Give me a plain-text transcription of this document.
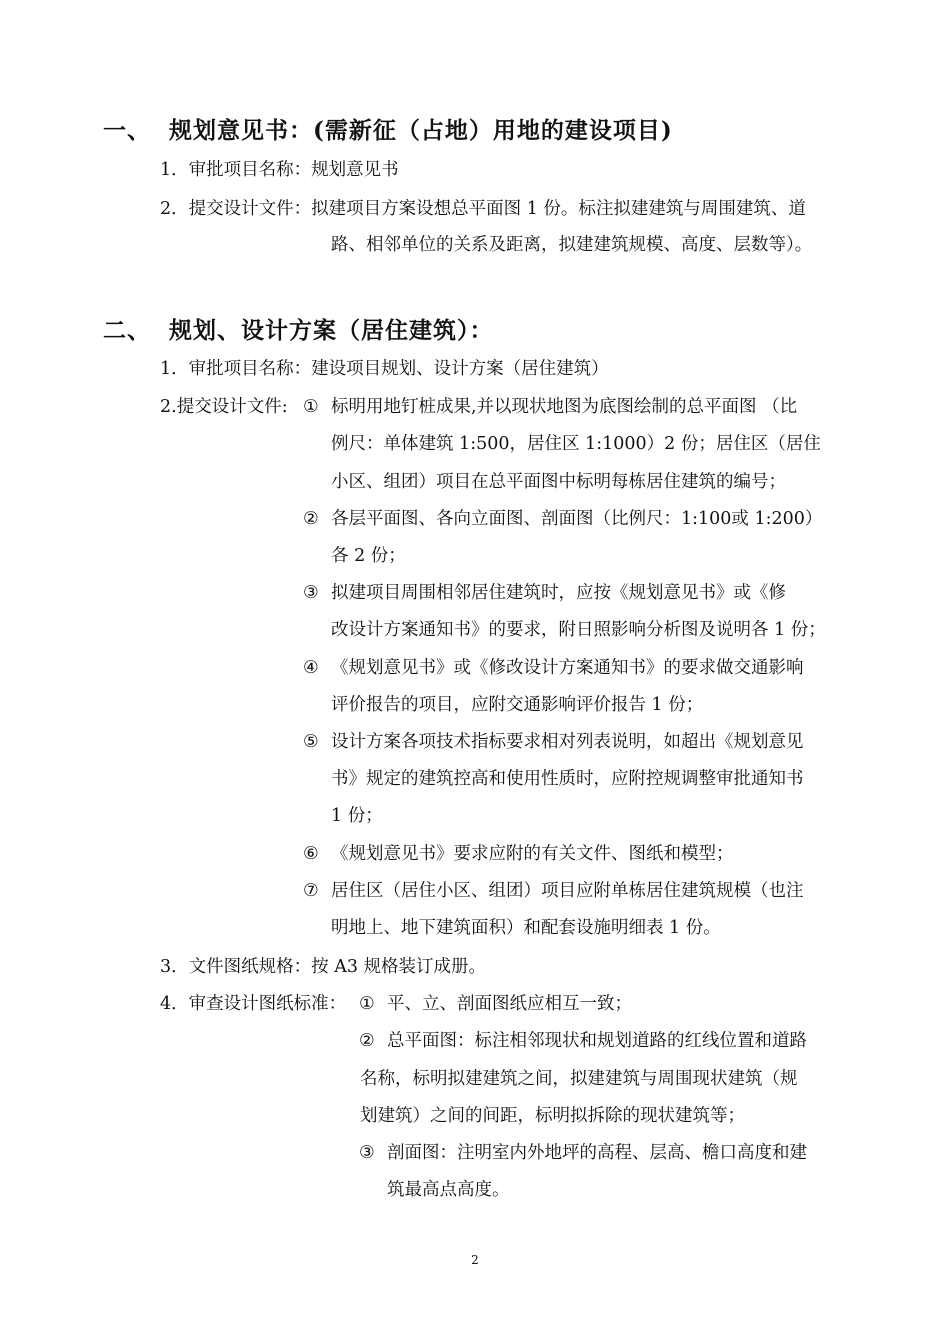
一、 规划意见书：(需新征（占地）用地的建设项目)
1．审批项目名称：规划意见书
2．提交设计文件：拟建项目方案设想总平面图 1 份。标注拟建建筑与周围建筑、道
路、相邻单位的关系及距离，拟建建筑规模、高度、层数等）。
二、 规划、设计方案（居住建筑）：
1．审批项目名称：建设项目规划、设计方案（居住建筑）
2.提交设计文件: ① 标明用地钉桩成果,并以现状地图为底图绘制的总平面图 （比
例尺：单体建筑 1:500，居住区 1:1000）2 份；居住区（居住
小区、组团）项目在总平面图中标明每栋居住建筑的编号；
② 各层平面图、各向立面图、剖面图（比例尺：1:100或 1:200）
各 2 份；
③ 拟建项目周围相邻居住建筑时，应按《规划意见书》或《修
改设计方案通知书》的要求，附日照影响分析图及说明各 1 份；
④ 《规划意见书》或《修改设计方案通知书》的要求做交通影响
评价报告的项目，应附交通影响评价报告 1 份；
⑤ 设计方案各项技术指标要求相对列表说明，如超出《规划意见
书》规定的建筑控高和使用性质时，应附控规调整审批通知书
1 份；
⑥ 《规划意见书》要求应附的有关文件、图纸和模型；
⑦ 居住区（居住小区、组团）项目应附单栋居住建筑规模（也注
明地上、地下建筑面积）和配套设施明细表 1 份。
3．文件图纸规格：按 A3 规格装订成册。
4．审查设计图纸标准： ① 平、立、剖面图纸应相互一致；
② 总平面图：标注相邻现状和规划道路的红线位置和道路
名称，标明拟建建筑之间，拟建建筑与周围现状建筑（规
划建筑）之间的间距，标明拟拆除的现状建筑等；
③ 剖面图：注明室内外地坪的高程、层高、檐口高度和建
筑最高点高度。
2
